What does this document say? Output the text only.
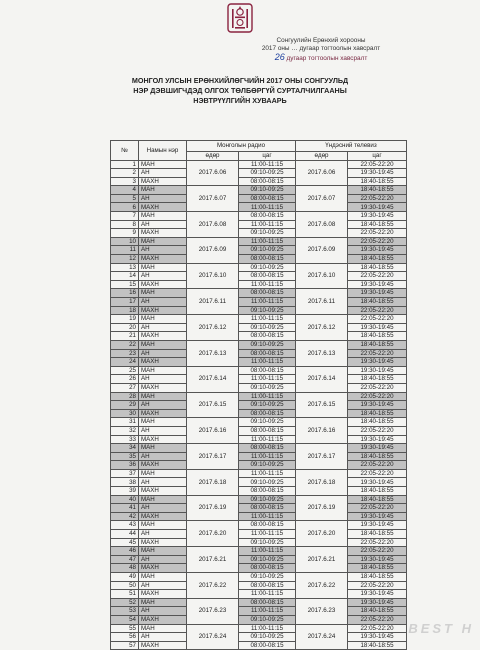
Сонгуулийн Ерөнхий хорооны
2017 оны … дугаар тогтоолын хавсралт
26 дугаар тогтоолын хавсралт
МОНГОЛ УЛСЫН ЕРӨНХИЙЛӨГЧИЙН 2017 ОНЫ СОНГУУЛЬД
НЭР ДЭВШИГЧДЭД ОЛГОХ ТӨЛБӨРГҮЙ СУРТАЛЧИЛГААНЫ
НЭВТРҮҮЛГИЙН ХУВААРЬ
№	Намын нэр	Монголын радио		Үндэсний телевиз	
		өдөр	цаг	өдөр	цаг
1	МАН	2017.6.06	11:00-11:15	2017.6.06	22:05-22:20
2	АН		09:10-09:25		19:30-19:45
3	МАХН		08:00-08:15		18:40-18:55
4	МАН	2017.6.07	09:10-09:25	2017.6.07	18:40-18:55
5	АН		08:00-08:15		22:05-22:20
6	МАХН		11:00-11:15		19:30-19:45
7	МАН	2017.6.08	08:00-08:15	2017.6.08	19:30-19:45
8	АН		11:00-11:15		18:40-18:55
9	МАХН		09:10-09:25		22:05-22:20
10	МАН	2017.6.09	11:00-11:15	2017.6.09	22:05-22:20
11	АН		09:10-09:25		19:30-19:45
12	МАХН		08:00-08:15		18:40-18:55
13	МАН	2017.6.10	09:10-09:25	2017.6.10	18:40-18:55
14	АН		08:00-08:15		22:05-22:20
15	МАХН		11:00-11:15		19:30-19:45
16	МАН	2017.6.11	08:00-08:15	2017.6.11	19:30-19:45
17	АН		11:00-11:15		18:40-18:55
18	МАХН		09:10-09:25		22:05-22:20
19	МАН	2017.6.12	11:00-11:15	2017.6.12	22:05-22:20
20	АН		09:10-09:25		19:30-19:45
21	МАХН		08:00-08:15		18:40-18:55
22	МАН	2017.6.13	09:10-09:25	2017.6.13	18:40-18:55
23	АН		08:00-08:15		22:05-22:20
24	МАХН		11:00-11:15		19:30-19:45
25	МАН	2017.6.14	08:00-08:15	2017.6.14	19:30-19:45
26	АН		11:00-11:15		18:40-18:55
27	МАХН		09:10-09:25		22:05-22:20
28	МАН	2017.6.15	11:00-11:15	2017.6.15	22:05-22:20
29	АН		09:10-09:25		19:30-19:45
30	МАХН		08:00-08:15		18:40-18:55
31	МАН	2017.6.16	09:10-09:25	2017.6.16	18:40-18:55
32	АН		08:00-08:15		22:05-22:20
33	МАХН		11:00-11:15		19:30-19:45
34	МАН	2017.6.17	08:00-08:15	2017.6.17	19:30-19:45
35	АН		11:00-11:15		18:40-18:55
36	МАХН		09:10-09:25		22:05-22:20
37	МАН	2017.6.18	11:00-11:15	2017.6.18	22:05-22:20
38	АН		09:10-09:25		19:30-19:45
39	МАХН		08:00-08:15		18:40-18:55
40	МАН	2017.6.19	09:10-09:25	2017.6.19	18:40-18:55
41	АН		08:00-08:15		22:05-22:20
42	МАХН		11:00-11:15		19:30-19:45
43	МАН	2017.6.20	08:00-08:15	2017.6.20	19:30-19:45
44	АН		11:00-11:15		18:40-18:55
45	МАХН		09:10-09:25		22:05-22:20
46	МАН	2017.6.21	11:00-11:15	2017.6.21	22:05-22:20
47	АН		09:10-09:25		19:30-19:45
48	МАХН		08:00-08:15		18:40-18:55
49	МАН	2017.6.22	09:10-09:25	2017.6.22	18:40-18:55
50	АН		08:00-08:15		22:05-22:20
51	МАХН		11:00-11:15		19:30-19:45
52	МАН	2017.6.23	08:00-08:15	2017.6.23	19:30-19:45
53	АН		11:00-11:15		18:40-18:55
54	МАХН		09:10-09:25		22:05-22:20
55	МАН	2017.6.24	11:00-11:15	2017.6.24	22:05-22:20
56	АН		09:10-09:25		19:30-19:45
57	МАХН		08:00-08:15		18:40-18:55
ВЕSТ Н
